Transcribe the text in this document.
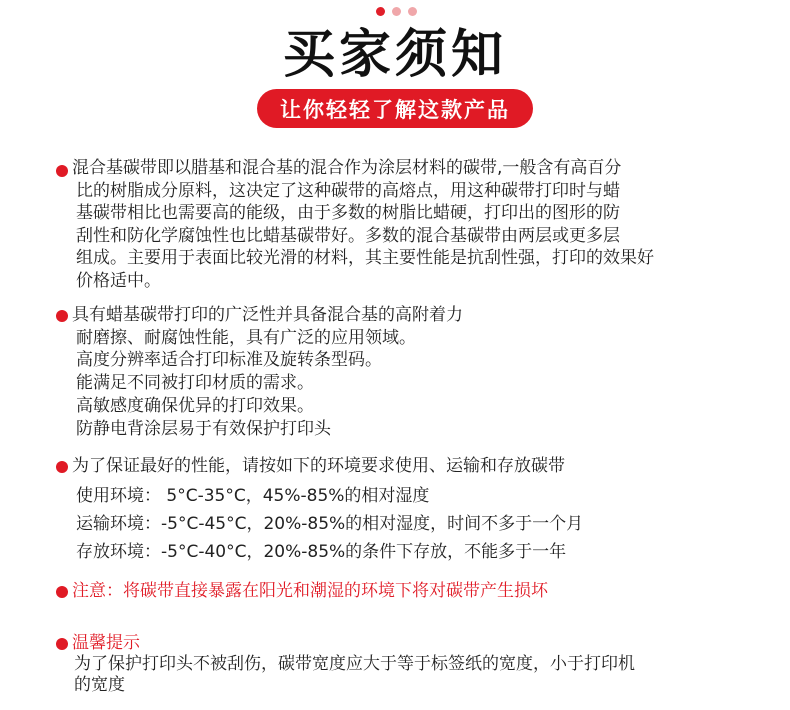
买家须知
让你轻轻了解这款产品
混合基碳带即以腊基和混合基的混合作为涂层材料的碳带,一般含有高百分
比的树脂成分原料，这决定了这种碳带的高熔点，用这种碳带打印时与蜡
基碳带相比也需要高的能级，由于多数的树脂比蜡硬，打印出的图形的防
刮性和防化学腐蚀性也比蜡基碳带好。多数的混合基碳带由两层或更多层
组成。主要用于表面比较光滑的材料，其主要性能是抗刮性强，打印的效果好
价格适中。
具有蜡基碳带打印的广泛性并具备混合基的高附着力
耐磨擦、耐腐蚀性能，具有广泛的应用领域。
高度分辨率适合打印标准及旋转条型码。
能满足不同被打印材质的需求。
高敏感度确保优异的打印效果。
防静电背涂层易于有效保护打印头
为了保证最好的性能，请按如下的环境要求使用、运输和存放碳带
使用环境： 5°C-35°C，45%-85%的相对湿度
运输环境：-5°C-45°C，20%-85%的相对湿度，时间不多于一个月
存放环境：-5°C-40°C，20%-85%的条件下存放，不能多于一年
注意：将碳带直接暴露在阳光和潮湿的环境下将对碳带产生损坏
温馨提示
为了保护打印头不被刮伤，碳带宽度应大于等于标签纸的宽度，小于打印机
的宽度
